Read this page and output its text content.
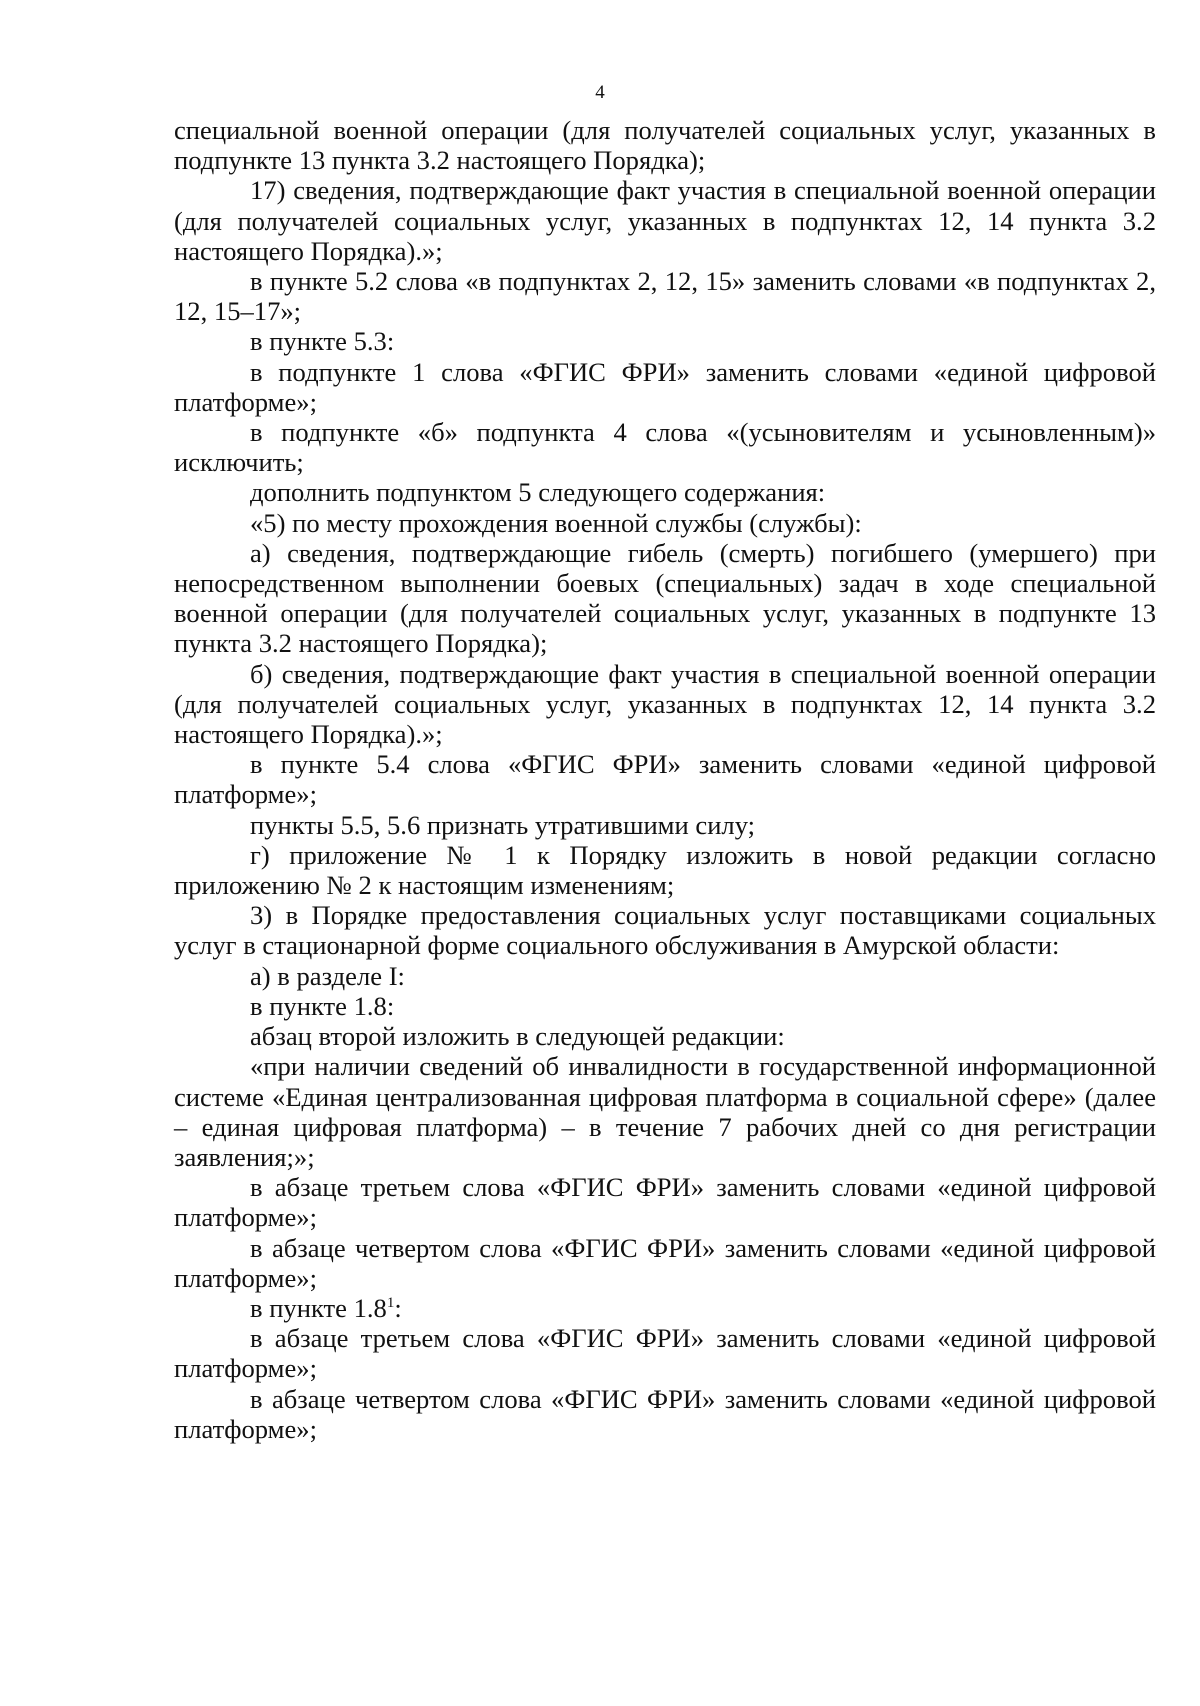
4

специальной военной операции (для получателей социальных услуг, указанных в подпункте 13 пункта 3.2 настоящего Порядка);

17) сведения, подтверждающие факт участия в специальной военной операции (для получателей социальных услуг, указанных в подпунктах 12, 14 пункта 3.2 настоящего Порядка).»;

в пункте 5.2 слова «в подпунктах 2, 12, 15» заменить словами «в подпунктах 2, 12, 15–17»;

в пункте 5.3:

в подпункте 1 слова «ФГИС ФРИ» заменить словами «единой цифровой платформе»;

в подпункте «б» подпункта 4 слова «(усыновителям и усыновленным)» исключить;

дополнить подпунктом 5 следующего содержания:

«5) по месту прохождения военной службы (службы):

а) сведения, подтверждающие гибель (смерть) погибшего (умершего) при непосредственном выполнении боевых (специальных) задач в ходе специальной военной операции (для получателей социальных услуг, указанных в подпункте 13 пункта 3.2 настоящего Порядка);

б) сведения, подтверждающие факт участия в специальной военной операции (для получателей социальных услуг, указанных в подпунктах 12, 14 пункта 3.2 настоящего Порядка).»;

в пункте 5.4 слова «ФГИС ФРИ» заменить словами «единой цифровой платформе»;

пункты 5.5, 5.6 признать утратившими силу;

г) приложение № 1 к Порядку изложить в новой редакции согласно приложению № 2 к настоящим изменениям;

3) в Порядке предоставления социальных услуг поставщиками социальных услуг в стационарной форме социального обслуживания в Амурской области:

а) в разделе I:

в пункте 1.8:

абзац второй изложить в следующей редакции:

«при наличии сведений об инвалидности в государственной информационной системе «Единая централизованная цифровая платформа в социальной сфере» (далее – единая цифровая платформа) – в течение 7 рабочих дней со дня регистрации заявления;»;

в абзаце третьем слова «ФГИС ФРИ» заменить словами «единой цифровой платформе»;

в абзаце четвертом слова «ФГИС ФРИ» заменить словами «единой цифровой платформе»;

в пункте $1.8^1$:

в абзаце третьем слова «ФГИС ФРИ» заменить словами «единой цифровой платформе»;

в абзаце четвертом слова «ФГИС ФРИ» заменить словами «единой цифровой платформе»;
